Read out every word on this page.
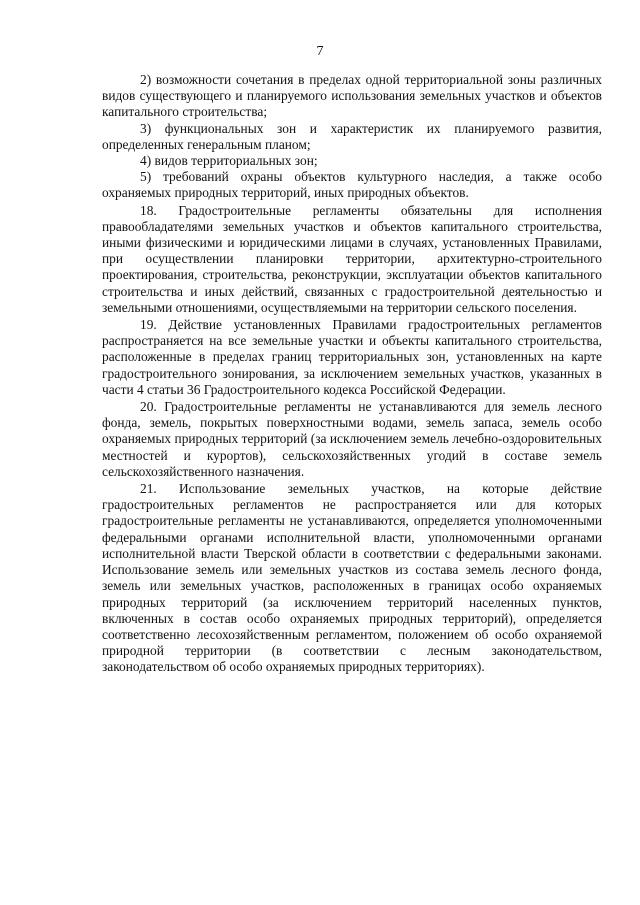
7

2) возможности сочетания в пределах одной территориальной зоны различных видов существующего и планируемого использования земельных участков и объектов капитального строительства;

3) функциональных зон и характеристик их планируемого развития, определенных генеральным планом;

4) видов территориальных зон;

5) требований охраны объектов культурного наследия, а также особо охраняемых природных территорий, иных природных объектов.

18. Градостроительные регламенты обязательны для исполнения правообладателями земельных участков и объектов капитального строительства, иными физическими и юридическими лицами в случаях, установленных Правилами, при осуществлении планировки территории, архитектурно-строительного проектирования, строительства, реконструкции, эксплуатации объектов капитального строительства и иных действий, связанных с градостроительной деятельностью и земельными отношениями, осуществляемыми на территории сельского поселения.

19. Действие установленных Правилами градостроительных регламентов распространяется на все земельные участки и объекты капитального строительства, расположенные в пределах границ территориальных зон, установленных на карте градостроительного зонирования, за исключением земельных участков, указанных в части 4 статьи 36 Градостроительного кодекса Российской Федерации.

20. Градостроительные регламенты не устанавливаются для земель лесного фонда, земель, покрытых поверхностными водами, земель запаса, земель особо охраняемых природных территорий (за исключением земель лечебно-оздоровительных местностей и курортов), сельскохозяйственных угодий в составе земель сельскохозяйственного назначения.

21. Использование земельных участков, на которые действие градостроительных регламентов не распространяется или для которых градостроительные регламенты не устанавливаются, определяется уполномоченными федеральными органами исполнительной власти, уполномоченными органами исполнительной власти Тверской области в соответствии с федеральными законами. Использование земель или земельных участков из состава земель лесного фонда, земель или земельных участков, расположенных в границах особо охраняемых природных территорий (за исключением территорий населенных пунктов, включенных в состав особо охраняемых природных территорий), определяется соответственно лесохозяйственным регламентом, положением об особо охраняемой природной территории (в соответствии с лесным законодательством, законодательством об особо охраняемых природных территориях).
